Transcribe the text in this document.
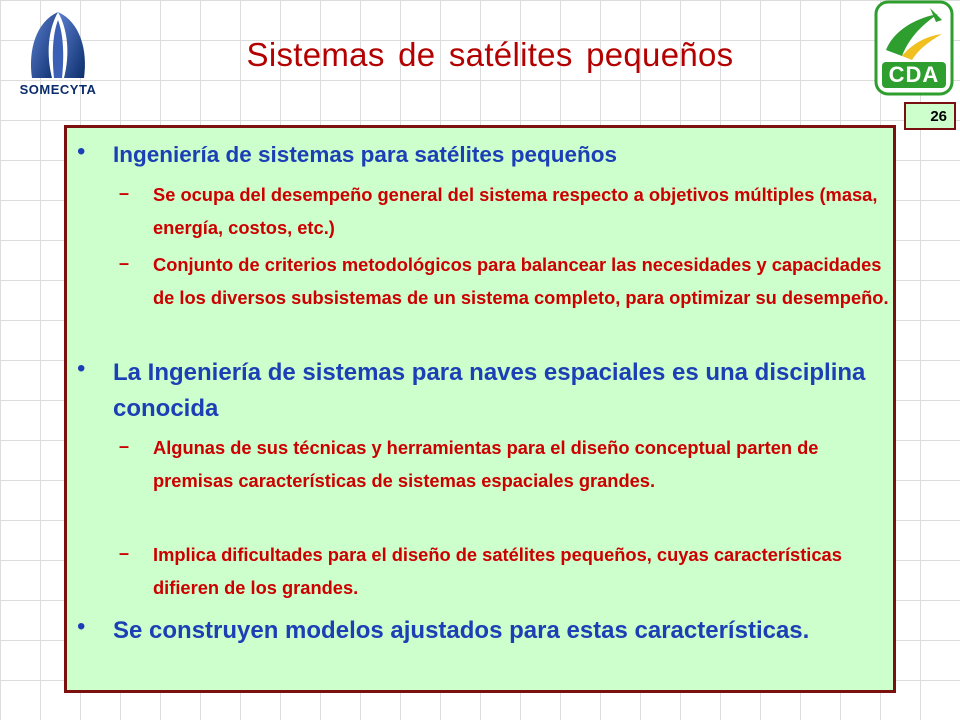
SOMECYTA
CDA
Sistemas de satélites pequeños
26
• Ingeniería de sistemas para satélites pequeños
– Se ocupa del desempeño general del sistema respecto a objetivos múltiples (masa, energía, costos, etc.)
– Conjunto de criterios metodológicos para balancear las necesidades y capacidades de los diversos subsistemas de un sistema completo, para optimizar su desempeño.
• La Ingeniería de sistemas para naves espaciales es una disciplina conocida
– Algunas de sus técnicas y herramientas para el diseño conceptual parten de premisas características de sistemas espaciales grandes.
– Implica dificultades para el diseño de satélites pequeños, cuyas características difieren de los grandes.
• Se construyen modelos ajustados para estas características.
